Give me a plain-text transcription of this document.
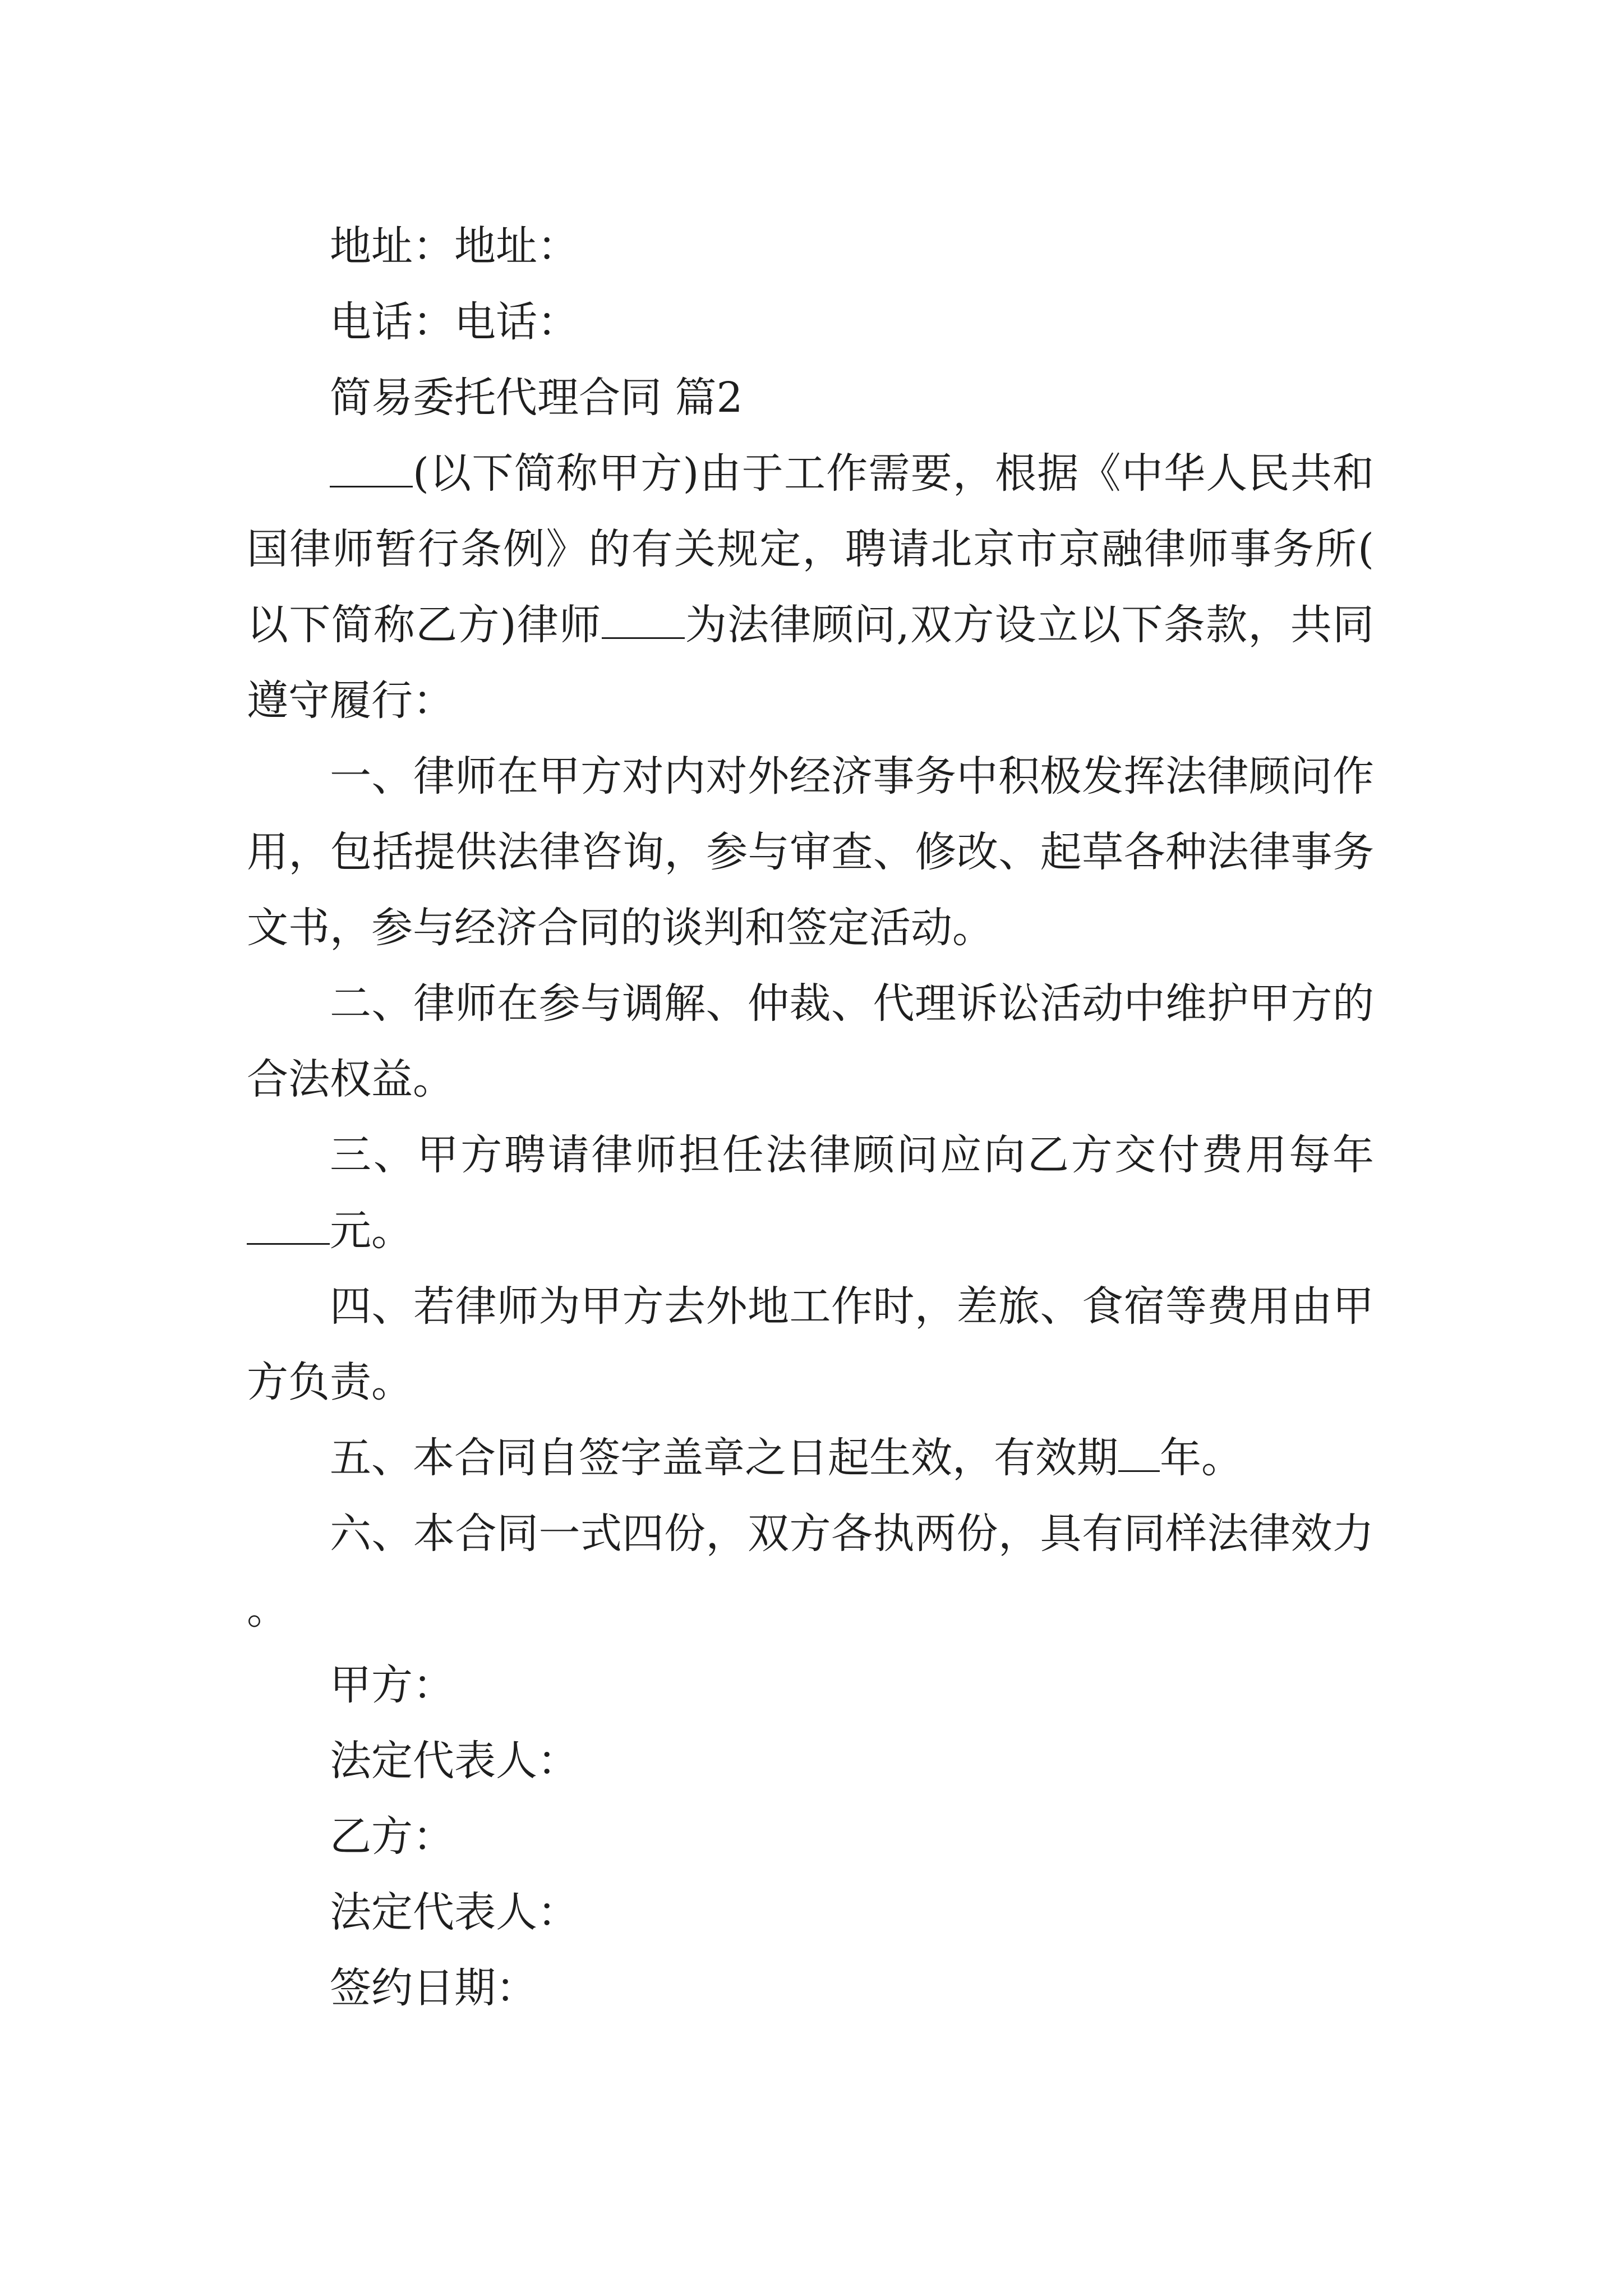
地址：地址：

电话：电话：

简易委托代理合同 篇2

(以下简称甲方)由于工作需要，根据《中华人民共和国律师暂行条例》的有关规定，聘请北京市京融律师事务所(以下简称乙方)律师 为法律顾问,双方设立以下条款，共同遵守履行：

一、律师在甲方对内对外经济事务中积极发挥法律顾问作用，包括提供法律咨询，参与审查、修改、起草各种法律事务文书，参与经济合同的谈判和签定活动。

二、律师在参与调解、仲裁、代理诉讼活动中维护甲方的合法权益。

三、甲方聘请律师担任法律顾问应向乙方交付费用每年元。

四、若律师为甲方去外地工作时，差旅、食宿等费用由甲方负责。

五、本合同自签字盖章之日起生效，有效期 年。

六、本合同一式四份，双方各执两份，具有同样法律效力。

甲方：

法定代表人：

乙方：

法定代表人：

签约日期：
